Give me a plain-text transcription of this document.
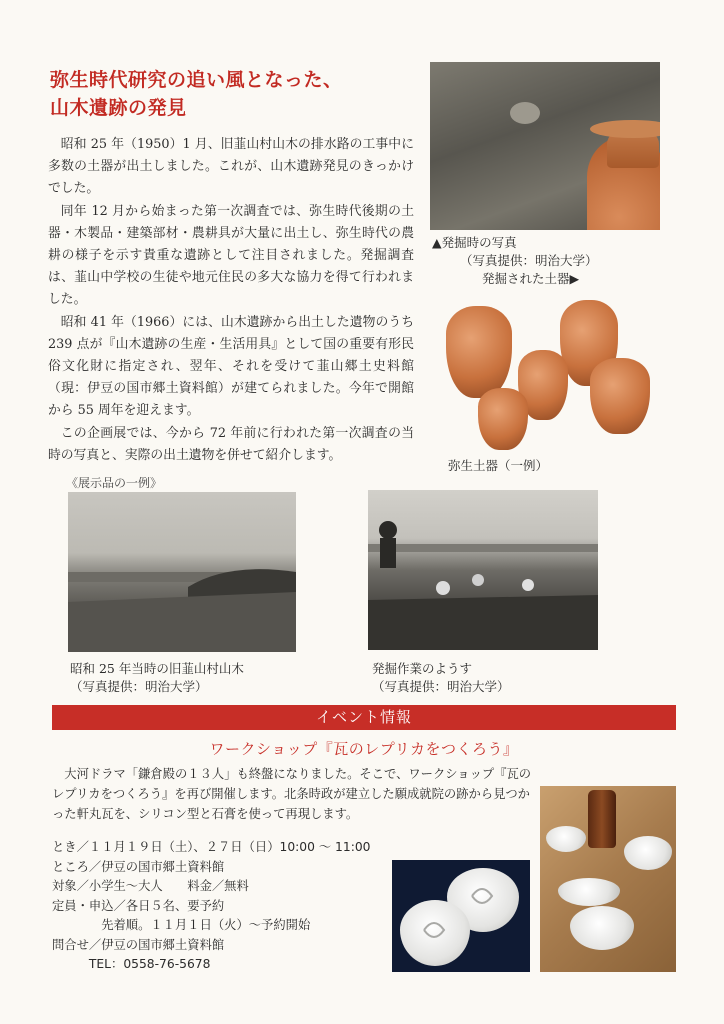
弥生時代研究の追い風となった、
山木遺跡の発見

昭和 25 年（1950）1 月、旧韮山村山木の排水路の工事中に多数の土器が出土しました。これが、山木遺跡発見のきっかけでした。

同年 12 月から始まった第一次調査では、弥生時代後期の土器・木製品・建築部材・農耕具が大量に出土し、弥生時代の農耕の様子を示す貴重な遺跡として注目されました。発掘調査は、韮山中学校の生徒や地元住民の多大な協力を得て行われました。

昭和 41 年（1966）には、山木遺跡から出土した遺物のうち 239 点が『山木遺跡の生産・生活用具』として国の重要有形民俗文化財に指定され、翌年、それを受けて韮山郷土史料館（現：伊豆の国市郷土資料館）が建てられました。今年で開館から 55 周年を迎えます。

この企画展では、今から 72 年前に行われた第一次調査の当時の写真と、実際の出土遺物を併せて紹介します。

▲発掘時の写真
（写真提供：明治大学）
発掘された土器▶
弥生土器（一例）
《展示品の一例》
昭和 25 年当時の旧韮山村山木
（写真提供：明治大学）
発掘作業のようす
（写真提供：明治大学）
イベント情報
ワークショップ『瓦のレプリカをつくろう』

大河ドラマ「鎌倉殿の１３人」も終盤になりました。そこで、ワークショップ『瓦のレプリカをつくろう』を再び開催します。北条時政が建立した願成就院の跡から見つかった軒丸瓦を、シリコン型と石膏を使って再現します。

とき／１１月１９日（土）、２７日（日）10:00 ～ 11:00
ところ／伊豆の国市郷土資料館
対象／小学生～大人　　料金／無料
定員・申込／各日５名、要予約
　　　　先着順。１１月１日（火）～予約開始
問合せ／伊豆の国市郷土資料館
　　　TEL：0558-76-5678
